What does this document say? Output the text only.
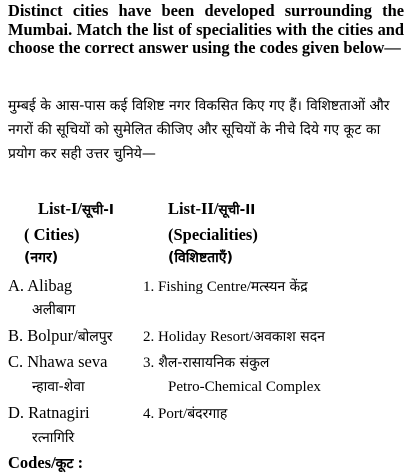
Distinct cities have been developed surrounding the Mumbai. Match the list of specialities with the cities and choose the correct answer using the codes given below—

मुम्बई के आस-पास कई विशिष्ट नगर विकसित किए गए हैं। विशिष्टताओं और नगरों की सूचियों को सुमेलित कीजिए और सूचियों के नीचे दिये गए कूट का प्रयोग कर सही उत्तर चुनिये—

List-I/सूची-I	List-II/सूची-II
( Cities)	(Specialities)
(नगर)	(विशिष्टताएँ)
A. Alibag	1. Fishing Centre/मत्स्यन केंद्र
अलीबाग
B. Bolpur/बोलपुर 2. Holiday Resort/अवकाश सदन
C. Nhawa seva 3. शैल-रासायनिक संकुल
न्हावा-शेवा	Petro-Chemical Complex
D. Ratnagiri	4. Port/बंदरगाह
रत्नागिरि
Codes/कूट :
